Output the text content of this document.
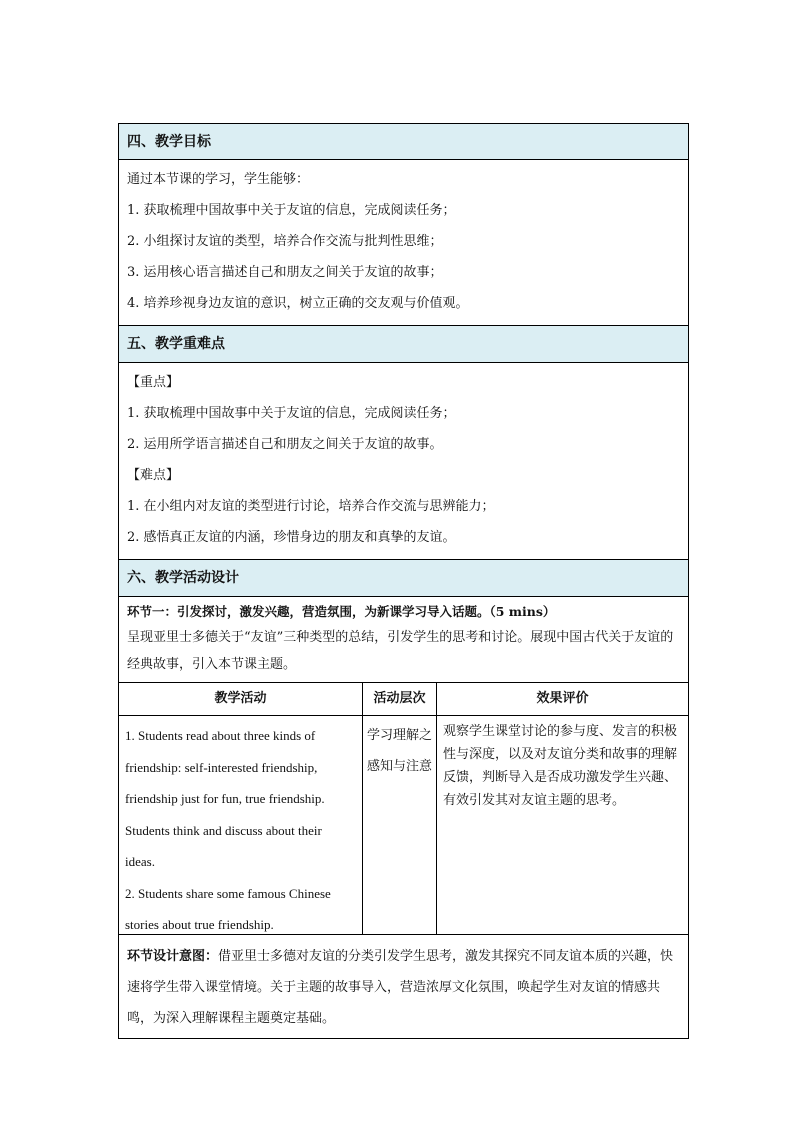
四、教学目标
通过本节课的学习，学生能够：
1. 获取梳理中国故事中关于友谊的信息，完成阅读任务；
2. 小组探讨友谊的类型，培养合作交流与批判性思维；
3. 运用核心语言描述自己和朋友之间关于友谊的故事；
4. 培养珍视身边友谊的意识，树立正确的交友观与价值观。
五、教学重难点
【重点】
1. 获取梳理中国故事中关于友谊的信息，完成阅读任务；
2. 运用所学语言描述自己和朋友之间关于友谊的故事。
【难点】
1. 在小组内对友谊的类型进行讨论，培养合作交流与思辨能力；
2. 感悟真正友谊的内涵，珍惜身边的朋友和真挚的友谊。
六、教学活动设计
环节一：引发探讨，激发兴趣，营造氛围，为新课学习导入话题。（5 mins）
呈现亚里士多德关于“友谊”三种类型的总结，引发学生的思考和讨论。展现中国古代关于友谊的经典故事，引入本节课主题。
教学活动	活动层次	效果评价
1. Students read about three kinds of
friendship: self-interested friendship,
friendship just for fun, true friendship.
Students think and discuss about their
ideas.
2. Students share some famous Chinese
stories about true friendship.
学习理解之感知与注意
观察学生课堂讨论的参与度、发言的积极性与深度，以及对友谊分类和故事的理解反馈，判断导入是否成功激发学生兴趣、有效引发其对友谊主题的思考。
环节设计意图：借亚里士多德对友谊的分类引发学生思考，激发其探究不同友谊本质的兴趣，快速将学生带入课堂情境。关于主题的故事导入，营造浓厚文化氛围，唤起学生对友谊的情感共鸣，为深入理解课程主题奠定基础。
